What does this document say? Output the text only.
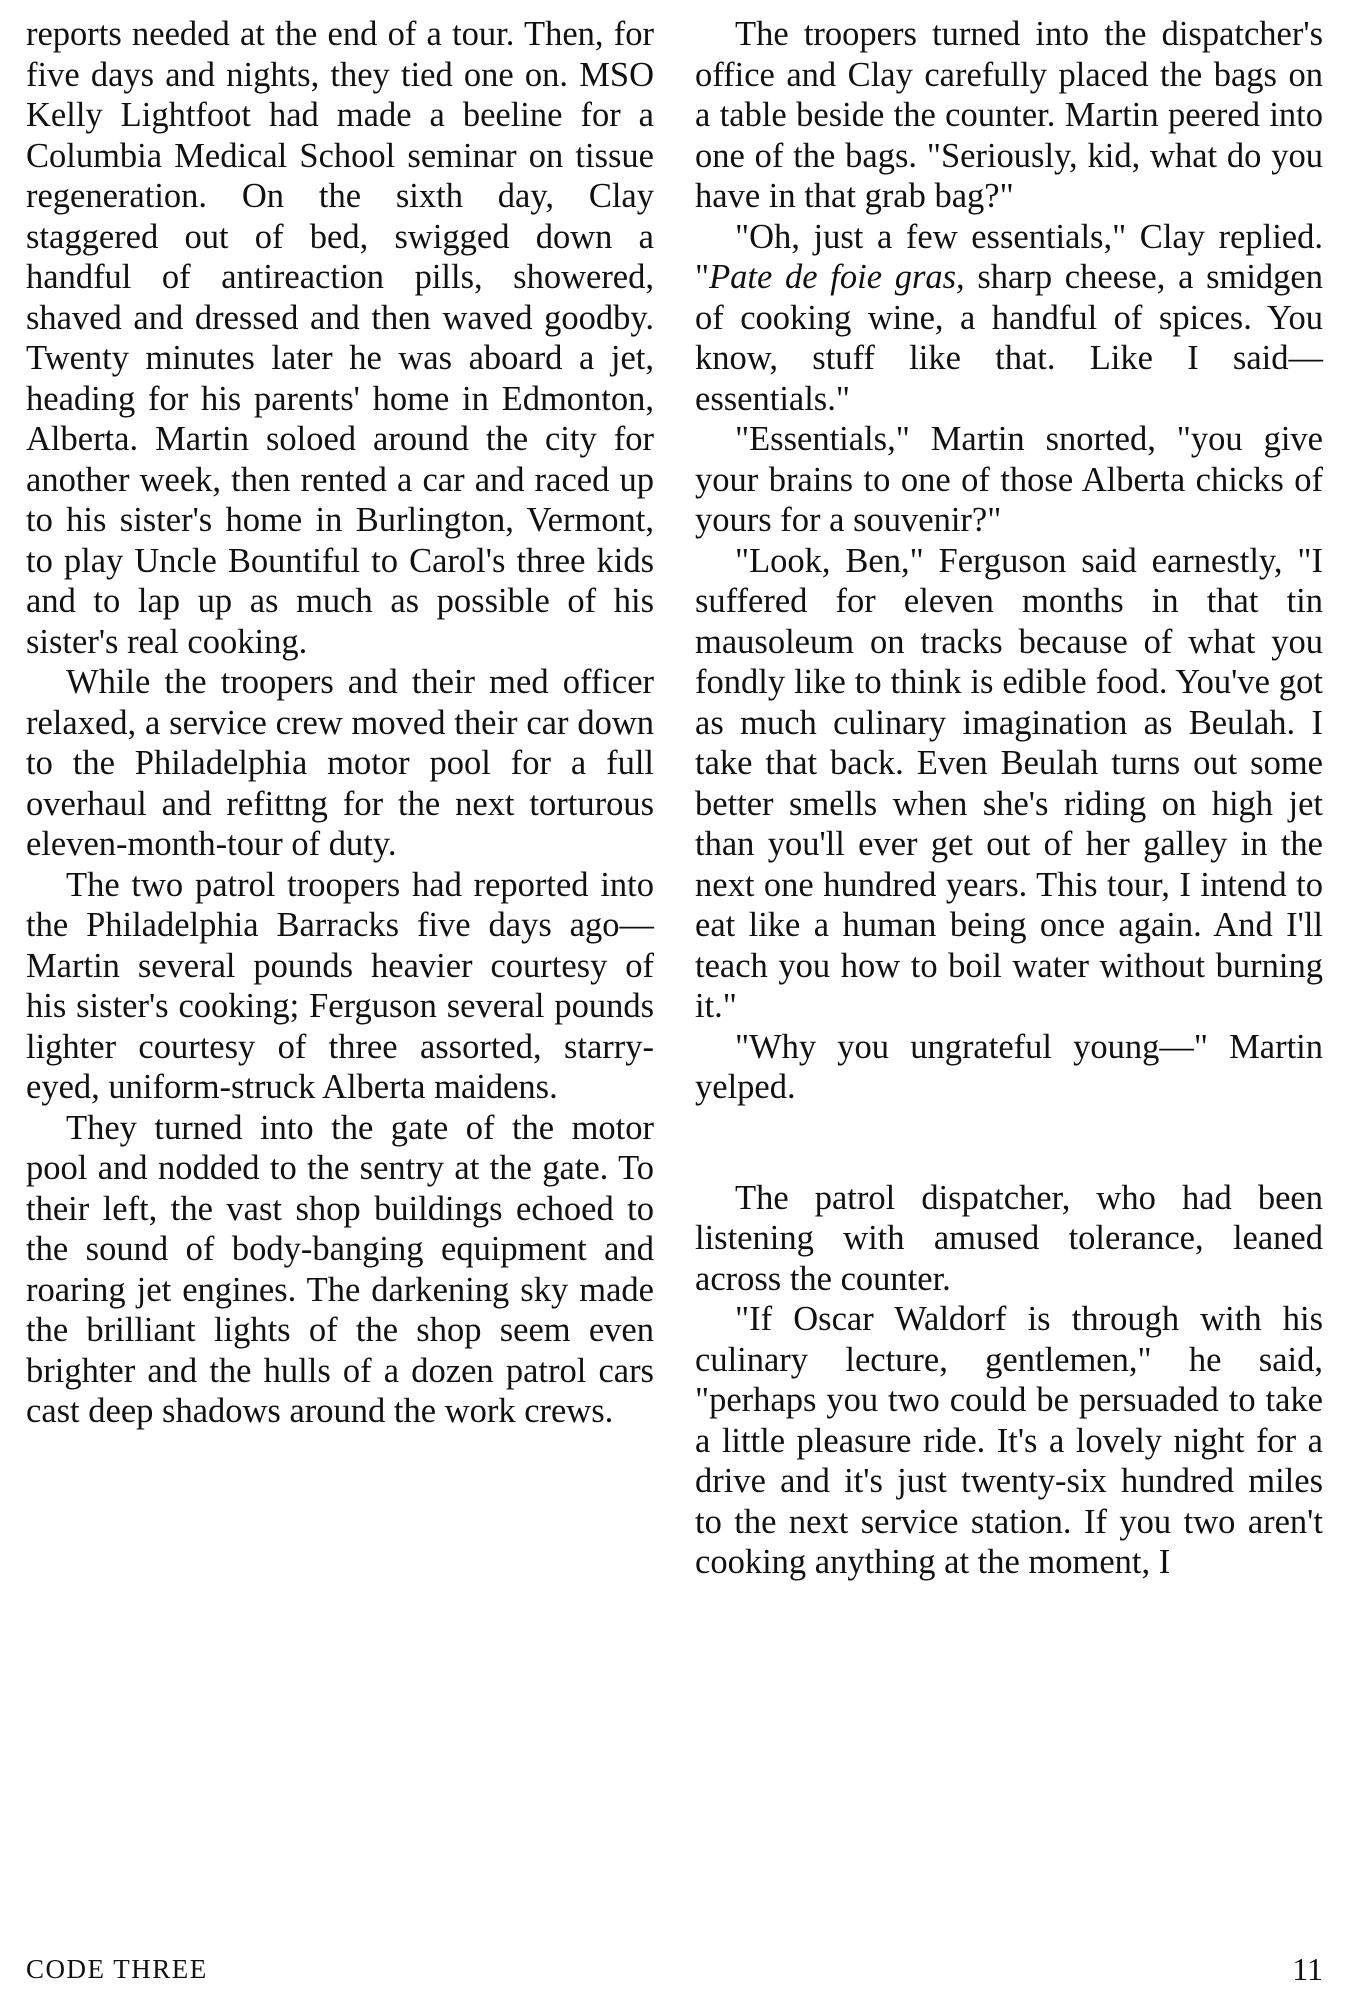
reports needed at the end of a tour. Then, for five days and nights, they tied one on. MSO Kelly Lightfoot had made a beeline for a Columbia Medical School seminar on tissue regeneration. On the sixth day, Clay staggered out of bed, swigged down a handful of antireaction pills, showered, shaved and dressed and then waved goodby. Twenty minutes later he was aboard a jet, heading for his parents' home in Edmonton, Alberta. Martin soloed around the city for another week, then rented a car and raced up to his sister's home in Burlington, Vermont, to play Uncle Bountiful to Carol's three kids and to lap up as much as possible of his sister's real cooking.

While the troopers and their med officer relaxed, a service crew moved their car down to the Philadelphia motor pool for a full overhaul and refittng for the next torturous eleven-month-tour of duty.

The two patrol troopers had reported into the Philadelphia Barracks five days ago—Martin several pounds heavier courtesy of his sister's cooking; Ferguson several pounds lighter courtesy of three assorted, starry-eyed, uniform-struck Alberta maidens.

They turned into the gate of the motor pool and nodded to the sentry at the gate. To their left, the vast shop buildings echoed to the sound of body-banging equipment and roaring jet engines. The darkening sky made the brilliant lights of the shop seem even brighter and the hulls of a dozen patrol cars cast deep shadows around the work crews.

The troopers turned into the dispatcher's office and Clay carefully placed the bags on a table beside the counter. Martin peered into one of the bags. "Seriously, kid, what do you have in that grab bag?"

"Oh, just a few essentials," Clay replied. "Pate de foie gras, sharp cheese, a smidgen of cooking wine, a handful of spices. You know, stuff like that. Like I said—essentials."

"Essentials," Martin snorted, "you give your brains to one of those Alberta chicks of yours for a souvenir?"

"Look, Ben," Ferguson said earnestly, "I suffered for eleven months in that tin mausoleum on tracks because of what you fondly like to think is edible food. You've got as much culinary imagination as Beulah. I take that back. Even Beulah turns out some better smells when she's riding on high jet than you'll ever get out of her galley in the next one hundred years. This tour, I intend to eat like a human being once again. And I'll teach you how to boil water without burning it."

"Why you ungrateful young—" Martin yelped.

The patrol dispatcher, who had been listening with amused tolerance, leaned across the counter.

"If Oscar Waldorf is through with his culinary lecture, gentlemen," he said, "perhaps you two could be persuaded to take a little pleasure ride. It's a lovely night for a drive and it's just twenty-six hundred miles to the next service station. If you two aren't cooking anything at the moment, I

CODE THREE	11
